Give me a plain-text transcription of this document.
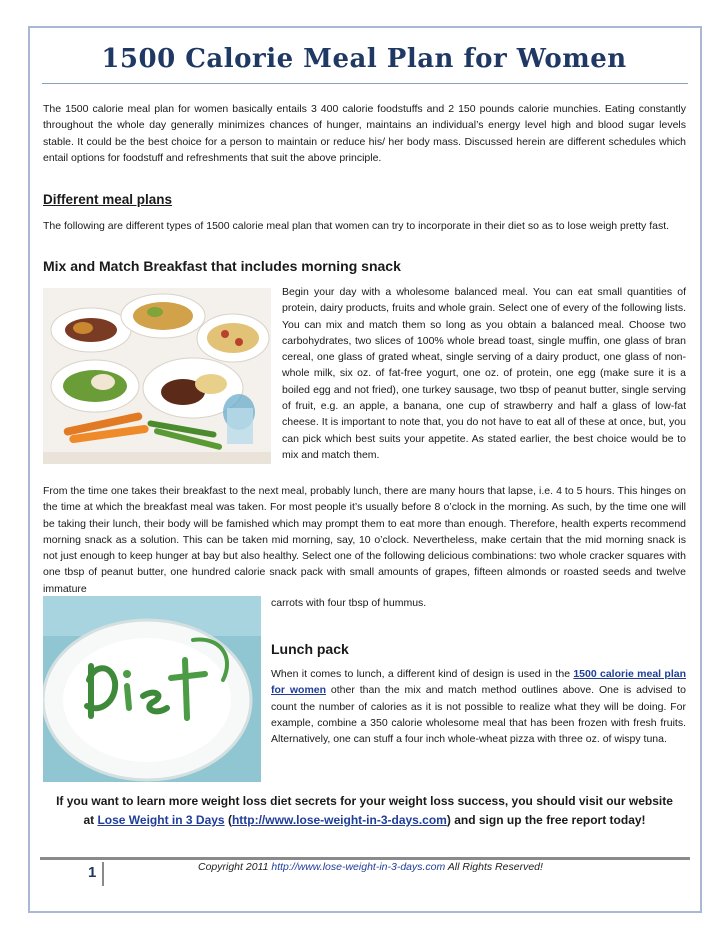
1500 Calorie Meal Plan for Women

The 1500 calorie meal plan for women basically entails 3 400 calorie foodstuffs and 2 150 pounds calorie munchies. Eating constantly throughout the whole day generally minimizes chances of hunger, maintains an individual’s energy level high and blood sugar levels stable. It could be the best choice for a person to maintain or reduce his/ her body mass. Discussed herein are different schedules which entail options for foodstuff and refreshments that suit the above principle.

Different meal plans

The following are different types of 1500 calorie meal plan that women can try to incorporate in their diet so as to lose weigh pretty fast.

Mix and Match Breakfast that includes morning snack

Begin your day with a wholesome balanced meal. You can eat small quantities of protein, dairy products, fruits and whole grain. Select one of every of the following lists. You can mix and match them so long as you obtain a balanced meal. Choose two carbohydrates, two slices of 100% whole bread toast, single muffin, one glass of bran cereal, one glass of grated wheat, single serving of a dairy product, one glass of non-whole milk, six oz. of fat-free yogurt, one oz. of protein, one egg (make sure it is a boiled egg and not fried), one turkey sausage, two tbsp of peanut butter, single serving of fruit, e.g. an apple, a banana, one cup of strawberry and half a glass of low-fat cheese. It is important to note that, you do not have to eat all of these at once, but, you can pick which best suits your appetite. As stated earlier, the best choice would be to mix and match them.

From the time one takes their breakfast to the next meal, probably lunch, there are many hours that lapse, i.e. 4 to 5 hours. This hinges on the time at which the breakfast meal was taken. For most people it’s usually before 8 o’clock in the morning. As such, by the time one will be taking their lunch, their body will be famished which may prompt them to eat more than enough. Therefore, health experts recommend morning snack as a solution. This can be taken mid morning, say, 10 o’clock. Nevertheless, make certain that the mid morning snack is not just enough to keep hunger at bay but also healthy. Select one of the following delicious combinations: two whole cracker squares with one tbsp of peanut butter, one hundred calorie snack pack with small amounts of grapes, fifteen almonds or roasted seeds and twelve immature

carrots with four tbsp of hummus.
Lunch pack

When it comes to lunch, a different kind of design is used in the 1500 calorie meal plan for women other than the mix and match method outlines above. One is advised to count the number of calories as it is not possible to realize what they will be doing. For example, combine a 350 calorie wholesome meal that has been frozen with fresh fruits. Alternatively, one can stuff a four inch whole-wheat pizza with three oz. of wispy tuna.

If you want to learn more weight loss diet secrets for your weight loss success, you should visit our website
at Lose Weight in 3 Days (http://www.lose-weight-in-3-days.com) and sign up the free report today!
1	Copyright 2011 http://www.lose-weight-in-3-days.com All Rights Reserved!
